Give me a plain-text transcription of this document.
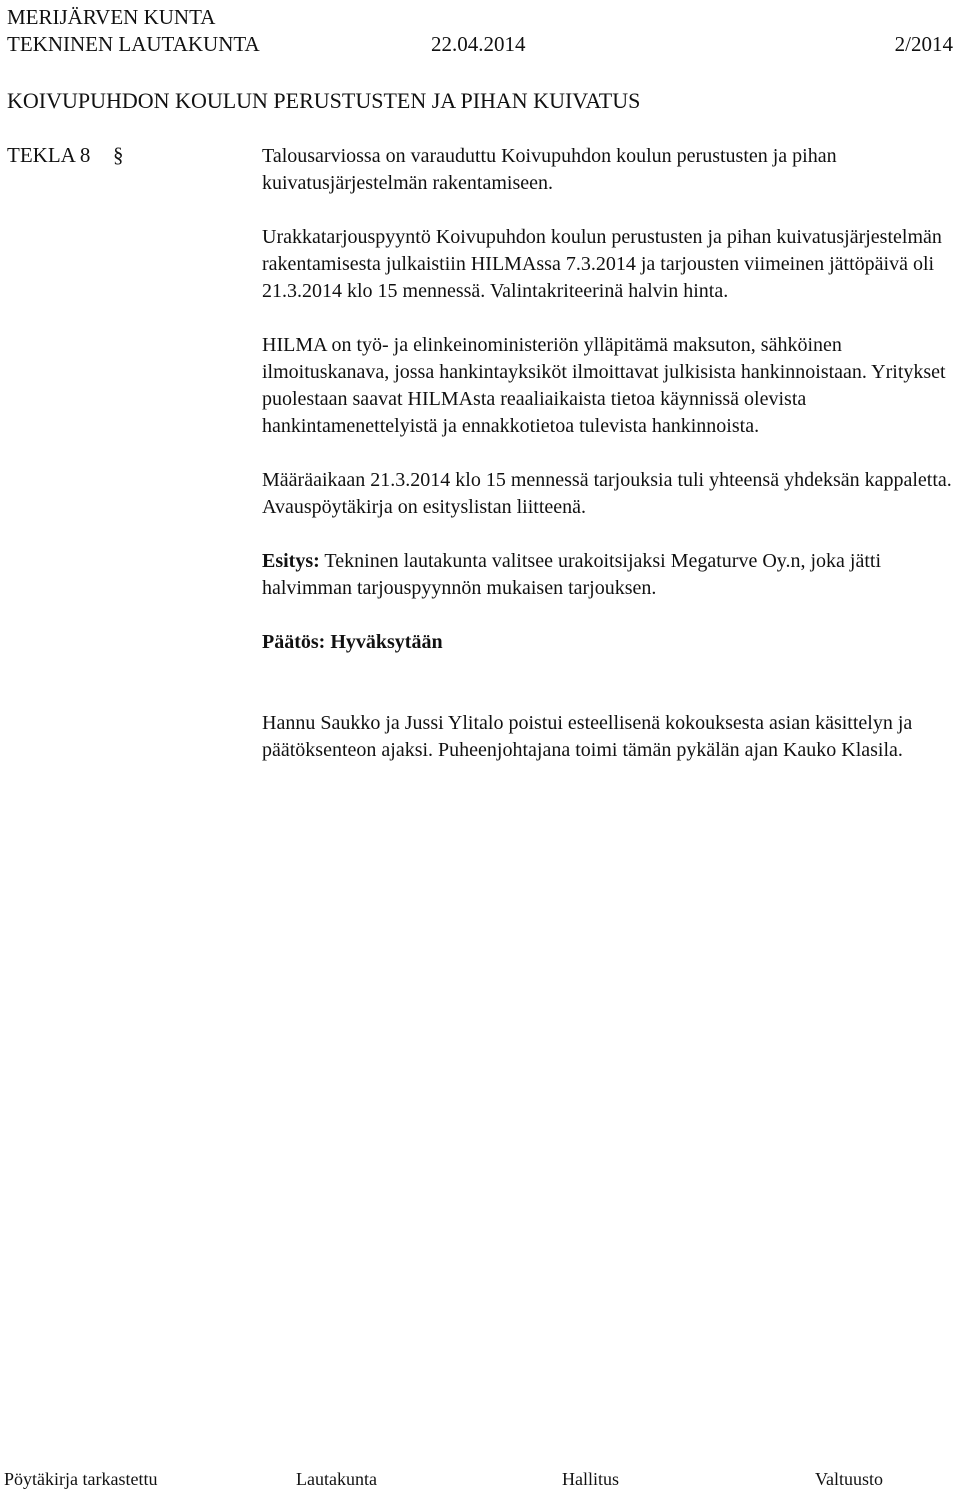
MERIJÄRVEN KUNTA
TEKNINEN LAUTAKUNTA	22.04.2014	2/2014
KOIVUPUHDON KOULUN PERUSTUSTEN JA PIHAN KUIVATUS
TEKLA 8 §	Talousarviossa on varauduttu Koivupuhdon koulun perustusten ja pihan kuivatusjärjestelmän rakentamiseen.

Urakkatarjouspyyntö Koivupuhdon koulun perustusten ja pihan kuivatusjärjestelmän rakentamisesta julkaistiin HILMAssa 7.3.2014 ja tarjousten viimeinen jättöpäivä oli 21.3.2014 klo 15 mennessä. Valintakriteerinä halvin hinta.

HILMA on työ- ja elinkeinoministeriön ylläpitämä maksuton, sähköinen ilmoituskanava, jossa hankintayksiköt ilmoittavat julkisista hankinnoistaan. Yritykset puolestaan saavat HILMAsta reaaliaikaista tietoa käynnissä olevista hankintamenettelyistä ja ennakkotietoa tulevista hankinnoista.

Määräaikaan 21.3.2014 klo 15 mennessä tarjouksia tuli yhteensä yhdeksän kappaletta. Avauspöytäkirja on esityslistan liitteenä.

Esitys: Tekninen lautakunta valitsee urakoitsijaksi Megaturve Oy.n, joka jätti halvimman tarjouspyynnön mukaisen tarjouksen.

Päätös: Hyväksytään

Hannu Saukko ja Jussi Ylitalo poistui esteellisenä kokouksesta asian käsittelyn ja päätöksenteon ajaksi. Puheenjohtajana toimi tämän pykälän ajan Kauko Klasila.

Pöytäkirja tarkastettu	Lautakunta	Hallitus	Valtuusto
